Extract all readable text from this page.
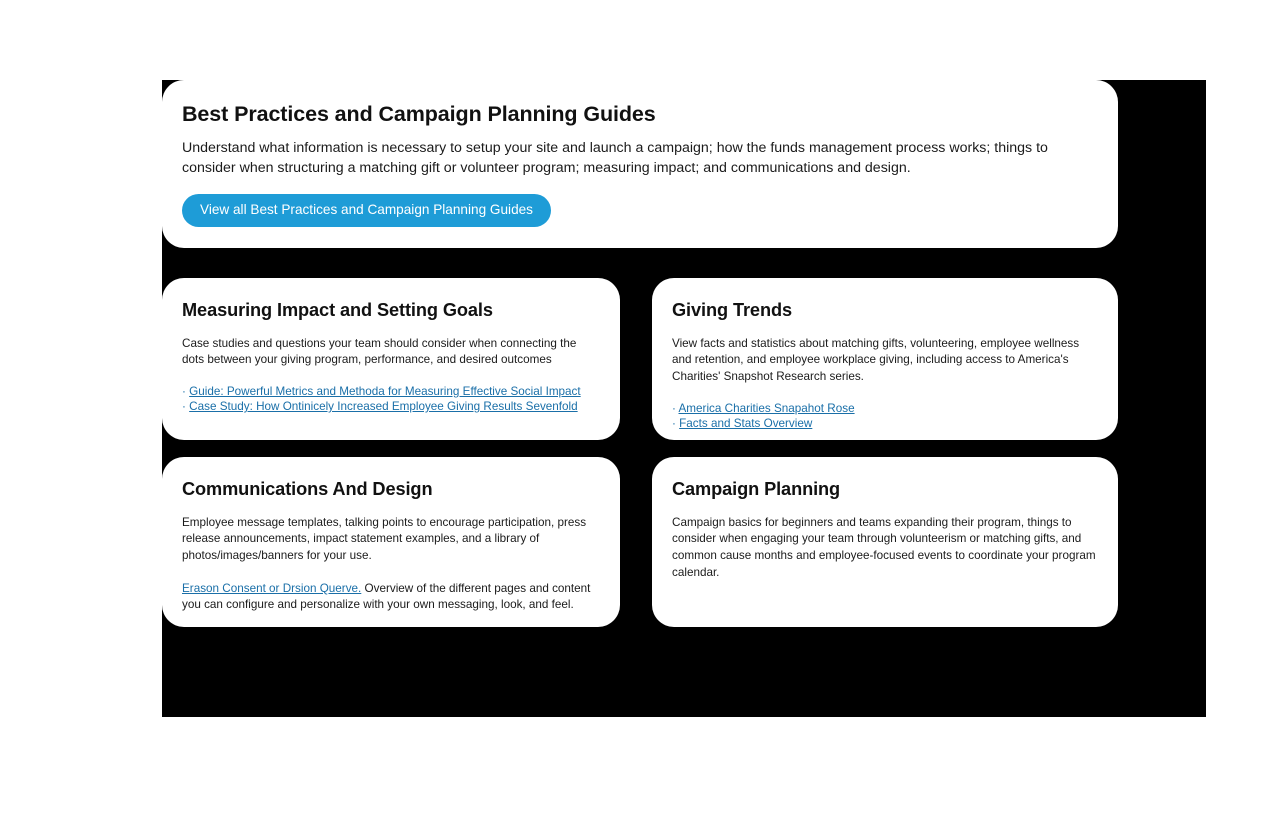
Best Practices and Campaign Planning Guides

Understand what information is necessary to setup your site and launch a campaign; how the funds management process works; things to consider when structuring a matching gift or volunteer program; measuring impact; and communications and design.

View all Best Practices and Campaign Planning Guides
Measuring Impact and Setting Goals

Case studies and questions your team should consider when connecting the dots between your giving program, performance, and desired outcomes

· Guide: Powerful Metrics and Methoda for Measuring Effective Social Impact
· Case Study: How Ontinicely Increased Employee Giving Results Sevenfold
Giving Trends

View facts and statistics about matching gifts, volunteering, employee wellness and retention, and employee workplace giving, including access to America's Charities' Snapshot Research series.

· America Charities Snapahot Rose
· Facts and Stats Overview
Communications And Design

Employee message templates, talking points to encourage participation, press release announcements, impact statement examples, and a library of photos/images/banners for your use.

Erason Consent or Drsion Querve. Overview of the different pages and content you can configure and personalize with your own messaging, look, and feel.

Campaign Planning

Campaign basics for beginners and teams expanding their program, things to consider when engaging your team through volunteerism or matching gifts, and common cause months and employee-focused events to coordinate your program calendar.
